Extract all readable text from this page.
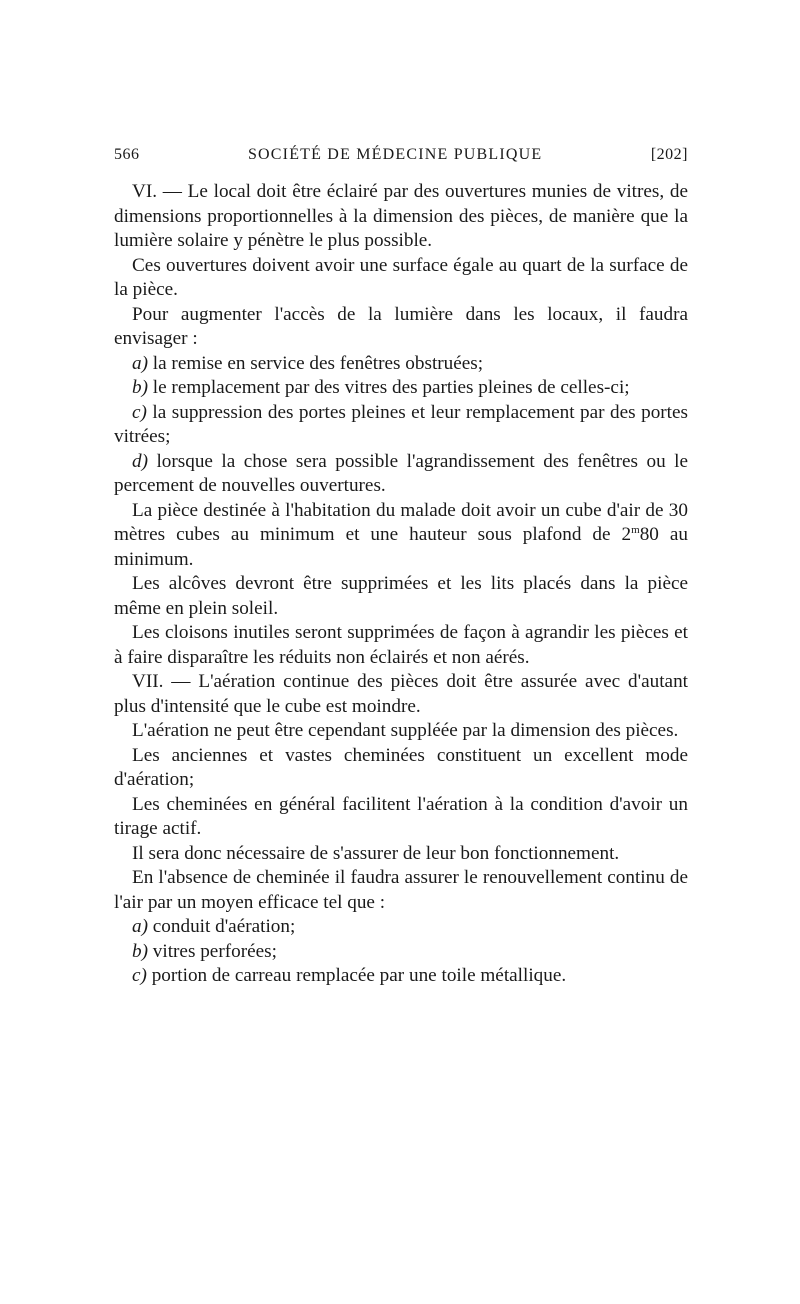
566	SOCIÉTÉ DE MÉDECINE PUBLIQUE	[202]

VI. — Le local doit être éclairé par des ouvertures munies de vitres, de dimensions proportionnelles à la dimension des pièces, de manière que la lumière solaire y pénètre le plus possible.

Ces ouvertures doivent avoir une surface égale au quart de la surface de la pièce.

Pour augmenter l'accès de la lumière dans les locaux, il faudra envisager :

a) la remise en service des fenêtres obstruées;

b) le remplacement par des vitres des parties pleines de celles-ci;

c) la suppression des portes pleines et leur remplacement par des portes vitrées;

d) lorsque la chose sera possible l'agrandissement des fenêtres ou le percement de nouvelles ouvertures.

La pièce destinée à l'habitation du malade doit avoir un cube d'air de 30 mètres cubes au minimum et une hauteur sous plafond de 2$^m$80 au minimum.

Les alcôves devront être supprimées et les lits placés dans la pièce même en plein soleil.

Les cloisons inutiles seront supprimées de façon à agrandir les pièces et à faire disparaître les réduits non éclairés et non aérés.

VII. — L'aération continue des pièces doit être assurée avec d'autant plus d'intensité que le cube est moindre.

L'aération ne peut être cependant suppléée par la dimension des pièces.

Les anciennes et vastes cheminées constituent un excellent mode d'aération;

Les cheminées en général facilitent l'aération à la condition d'avoir un tirage actif.

Il sera donc nécessaire de s'assurer de leur bon fonctionnement.

En l'absence de cheminée il faudra assurer le renouvellement continu de l'air par un moyen efficace tel que :

a) conduit d'aération;

b) vitres perforées;

c) portion de carreau remplacée par une toile métallique.
